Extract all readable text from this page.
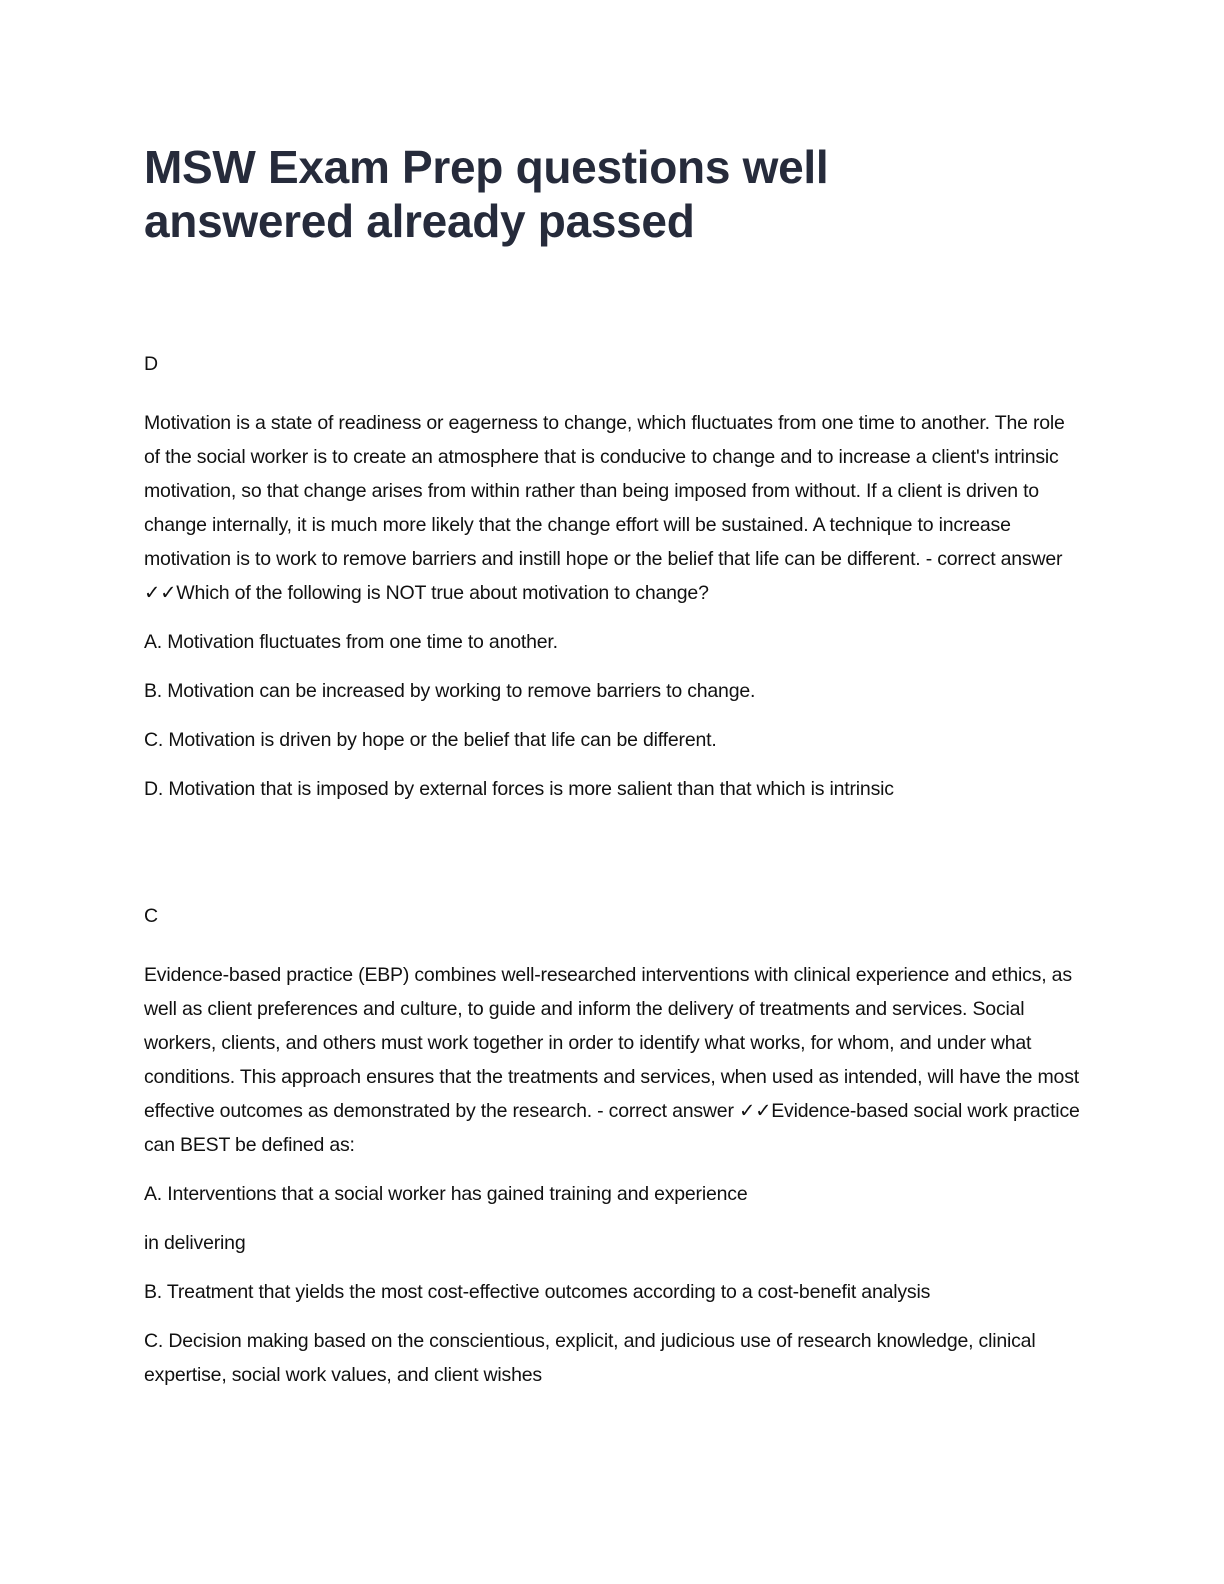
MSW Exam Prep questions well answered already passed

D

Motivation is a state of readiness or eagerness to change, which fluctuates from one time to another. The role of the social worker is to create an atmosphere that is conducive to change and to increase a client's intrinsic motivation, so that change arises from within rather than being imposed from without. If a client is driven to change internally, it is much more likely that the change effort will be sustained. A technique to increase motivation is to work to remove barriers and instill hope or the belief that life can be different. - correct answer ✓✓Which of the following is NOT true about motivation to change?

A. Motivation fluctuates from one time to another.

B. Motivation can be increased by working to remove barriers to change.

C. Motivation is driven by hope or the belief that life can be different.

D. Motivation that is imposed by external forces is more salient than that which is intrinsic

C

Evidence-based practice (EBP) combines well-researched interventions with clinical experience and ethics, as well as client preferences and culture, to guide and inform the delivery of treatments and services. Social workers, clients, and others must work together in order to identify what works, for whom, and under what conditions. This approach ensures that the treatments and services, when used as intended, will have the most effective outcomes as demonstrated by the research. - correct answer ✓✓Evidence-based social work practice can BEST be defined as:

A. Interventions that a social worker has gained training and experience

in delivering

B. Treatment that yields the most cost-effective outcomes according to a cost-benefit analysis

C. Decision making based on the conscientious, explicit, and judicious use of research knowledge, clinical expertise, social work values, and client wishes
